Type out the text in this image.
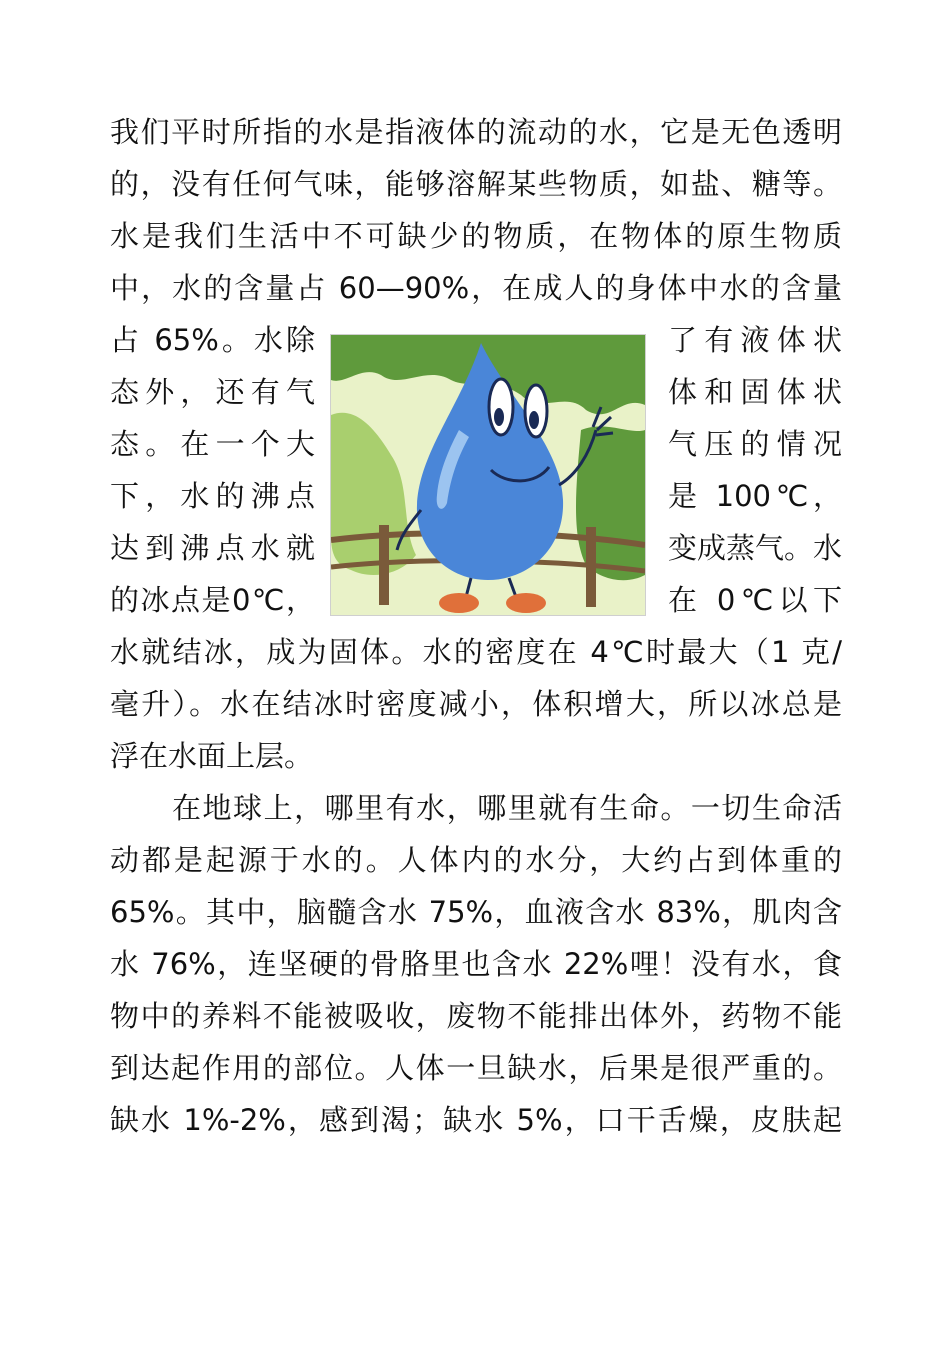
我们平时所指的水是指液体的流动的水，它是无色透明
的，没有任何气味，能够溶解某些物质，如盐、糖等。
水是我们生活中不可缺少的物质，在物体的原生物质
中，水的含量占 60—90%，在成人的身体中水的含量
占 65%。水除	了有液体状
态外，还有气	体和固体状
态。在一个大	气压的情况
下，水的沸点	是 100℃，
达到沸点水就	变成蒸气。水
的冰点是0℃，	在 0℃以下
水就结冰，成为固体。水的密度在 4℃时最大（1 克/
毫升）。水在结冰时密度减小，体积增大，所以冰总是
浮在水面上层。
在地球上，哪里有水，哪里就有生命。一切生命活
动都是起源于水的。人体内的水分，大约占到体重的
65%。其中，脑髓含水 75%，血液含水 83%，肌肉含
水 76%，连坚硬的骨胳里也含水 22%哩！没有水，食
物中的养料不能被吸收，废物不能排出体外，药物不能
到达起作用的部位。人体一旦缺水，后果是很严重的。
缺水 1%-2%，感到渴；缺水 5%，口干舌燥，皮肤起
